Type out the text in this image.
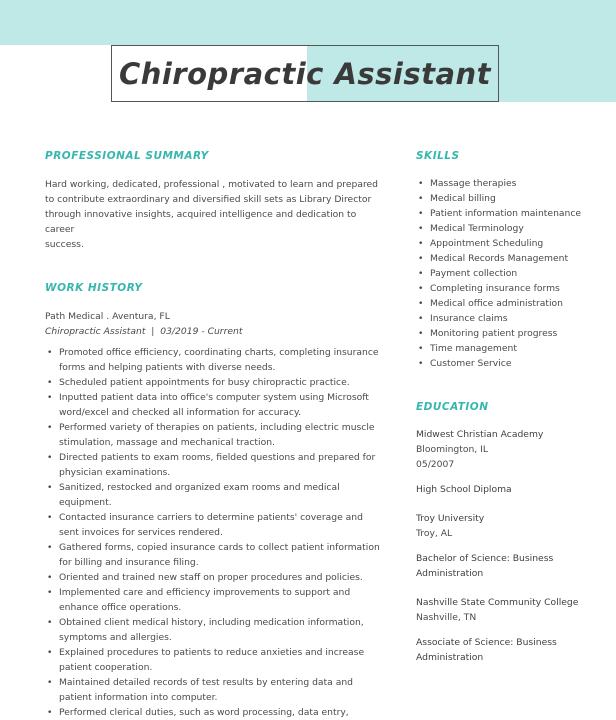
Chiropractic Assistant
PROFESSIONAL SUMMARY
Hard working, dedicated, professional , motivated to learn and prepared
to contribute extraordinary and diversified skill sets as Library Director
through innovative insights, acquired intelligence and dedication to career
success.
WORK HISTORY
Path Medical . Aventura, FL
Chiropractic Assistant  |  03/2019 - Current
• Promoted office efficiency, coordinating charts, completing insurance forms and helping patients with diverse needs.
• Scheduled patient appointments for busy chiropractic practice.
• Inputted patient data into office's computer system using Microsoft word/excel and checked all information for accuracy.
• Performed variety of therapies on patients, including electric muscle stimulation, massage and mechanical traction.
• Directed patients to exam rooms, fielded questions and prepared for physician examinations.
• Sanitized, restocked and organized exam rooms and medical equipment.
• Contacted insurance carriers to determine patients' coverage and sent invoices for services rendered.
• Gathered forms, copied insurance cards to collect patient information for billing and insurance filing.
• Oriented and trained new staff on proper procedures and policies.
• Implemented care and efficiency improvements to support and enhance office operations.
• Obtained client medical history, including medication information, symptoms and allergies.
• Explained procedures to patients to reduce anxieties and increase patient cooperation.
• Maintained detailed records of test results by entering data and patient information into computer.
• Performed clerical duties, such as word processing, data entry,
SKILLS
• Massage therapies
• Medical billing
• Patient information maintenance
• Medical Terminology
• Appointment Scheduling
• Medical Records Management
• Payment collection
• Completing insurance forms
• Medical office administration
• Insurance claims
• Monitoring patient progress
• Time management
• Customer Service
EDUCATION
Midwest Christian Academy
Bloomington, IL
05/2007
High School Diploma
Troy University
Troy, AL
Bachelor of Science: Business Administration
Nashville State Community College
Nashville, TN
Associate of Science: Business Administration
